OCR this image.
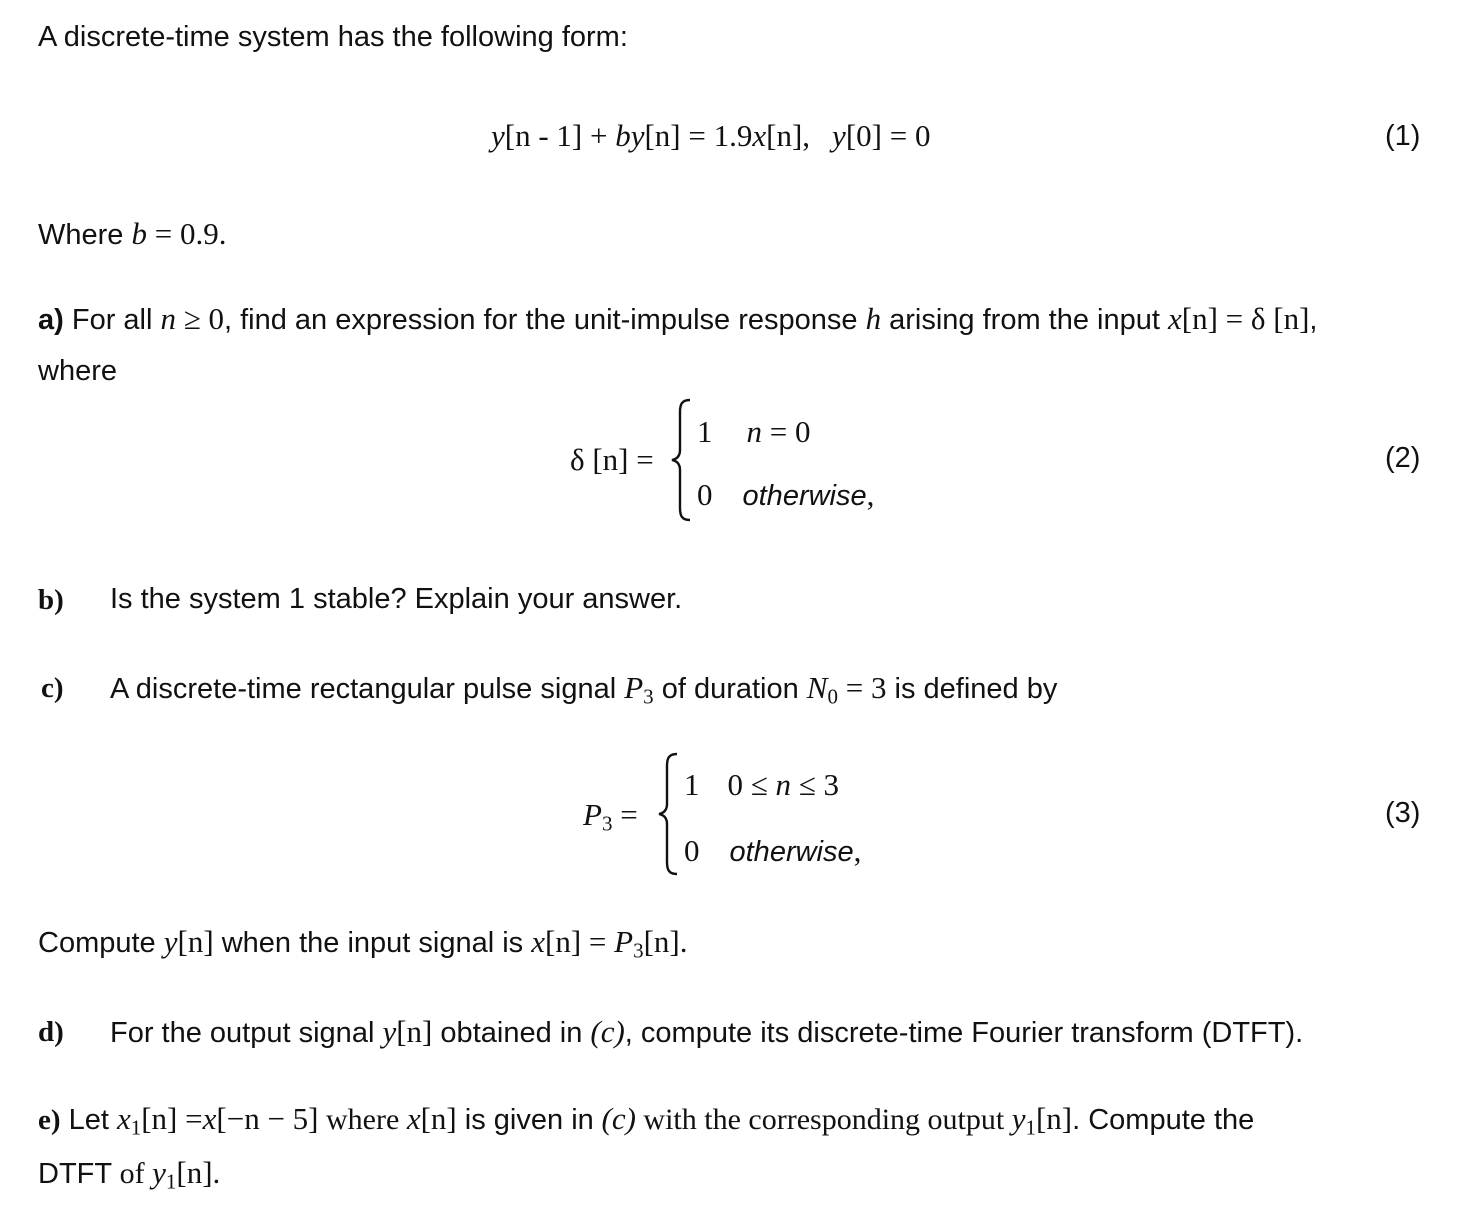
A discrete-time system has the following form:
y[n - 1] + by[n] = 1.9x[n], y[0] = 0	(1)
Where b = 0.9.
a) For all n ≥ 0, find an expression for the unit-impulse response h arising from the input x[n] = δ [n],
where
δ [n] =
1 n = 0
0 otherwise,
(2)
b) Is the system 1 stable? Explain your answer.
c) A discrete-time rectangular pulse signal $P_3$ of duration $N_0 = 3$ is defined by
$P_3$ =
1 0 ≤ n ≤ 3
0 otherwise,
(3)
Compute y[n] when the input signal is $x[n] = P_3[n]$.
d) For the output signal y[n] obtained in (c), compute its discrete-time Fourier transform (DTFT).
e) Let $x_1[n] =x[-n - 5]$ where x[n] is given in (c) with the corresponding output $y_1[n]$. Compute the
DTFT of $y_1[n]$.
